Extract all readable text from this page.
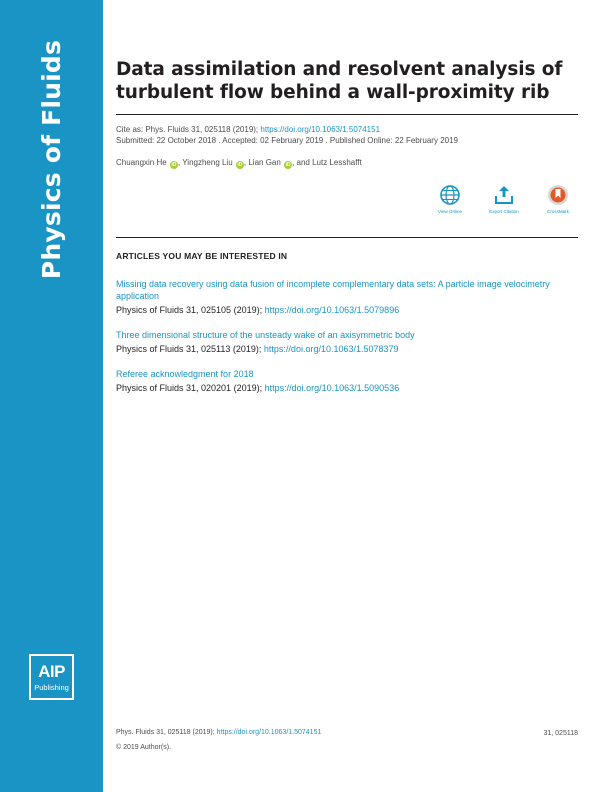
Physics of Fluids
AIP
Publishing
Data assimilation and resolvent analysis of
turbulent flow behind a wall-proximity rib
Cite as: Phys. Fluids 31, 025118 (2019); https://doi.org/10.1063/1.5074151
Submitted: 22 October 2018 . Accepted: 02 February 2019 . Published Online: 22 February 2019
Chuangxin He iD , Yingzheng Liu iD , Lian Gan iD , and Lutz Lesshafft
View Online	Export Citation	CrossMark
ARTICLES YOU MAY BE INTERESTED IN
Missing data recovery using data fusion of incomplete complementary data sets: A particle image velocimetry application
Physics of Fluids 31, 025105 (2019); https://doi.org/10.1063/1.5079896
Three dimensional structure of the unsteady wake of an axisymmetric body
Physics of Fluids 31, 025113 (2019); https://doi.org/10.1063/1.5078379
Referee acknowledgment for 2018
Physics of Fluids 31, 020201 (2019); https://doi.org/10.1063/1.5090536
Phys. Fluids 31, 025118 (2019); https://doi.org/10.1063/1.5074151	31, 025118
© 2019 Author(s).
